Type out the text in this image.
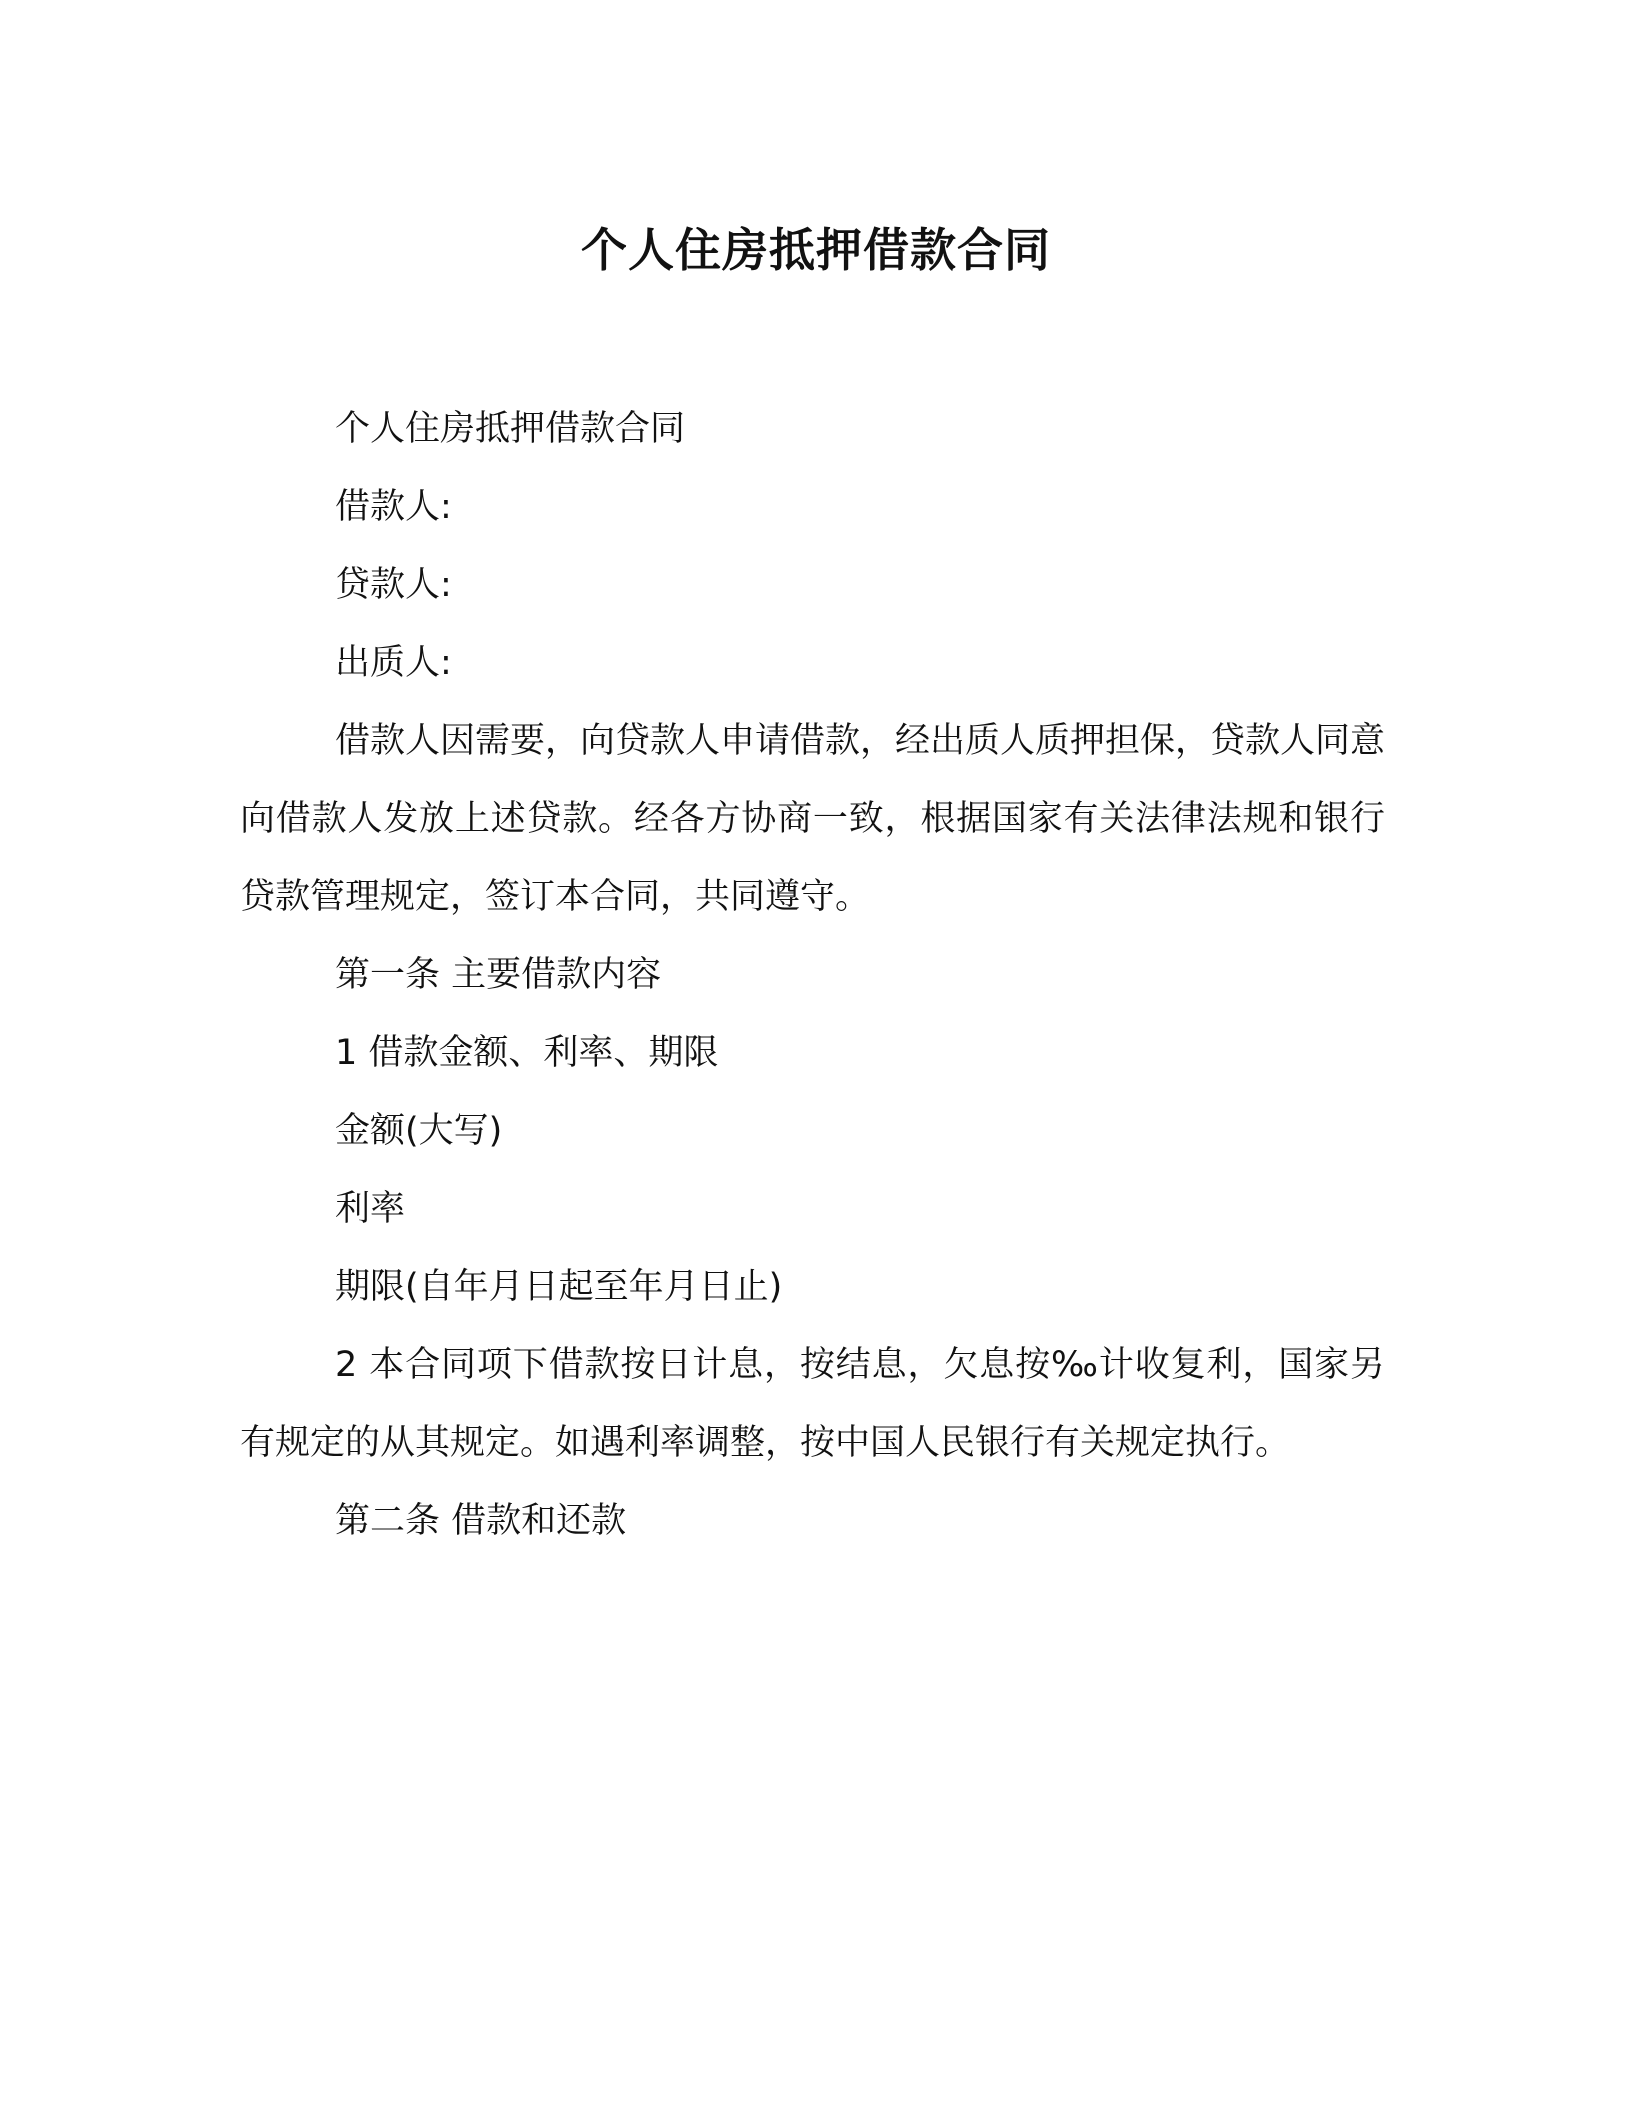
个人住房抵押借款合同

个人住房抵押借款合同

借款人:

贷款人:

出质人:

借款人因需要，向贷款人申请借款，经出质人质押担保，贷款人同意向借款人发放上述贷款。经各方协商一致，根据国家有关法律法规和银行贷款管理规定，签订本合同，共同遵守。

第一条 主要借款内容

1 借款金额、利率、期限

金额(大写)

利率

期限(自年月日起至年月日止)

2 本合同项下借款按日计息，按结息，欠息按‰计收复利，国家另有规定的从其规定。如遇利率调整，按中国人民银行有关规定执行。

第二条 借款和还款
